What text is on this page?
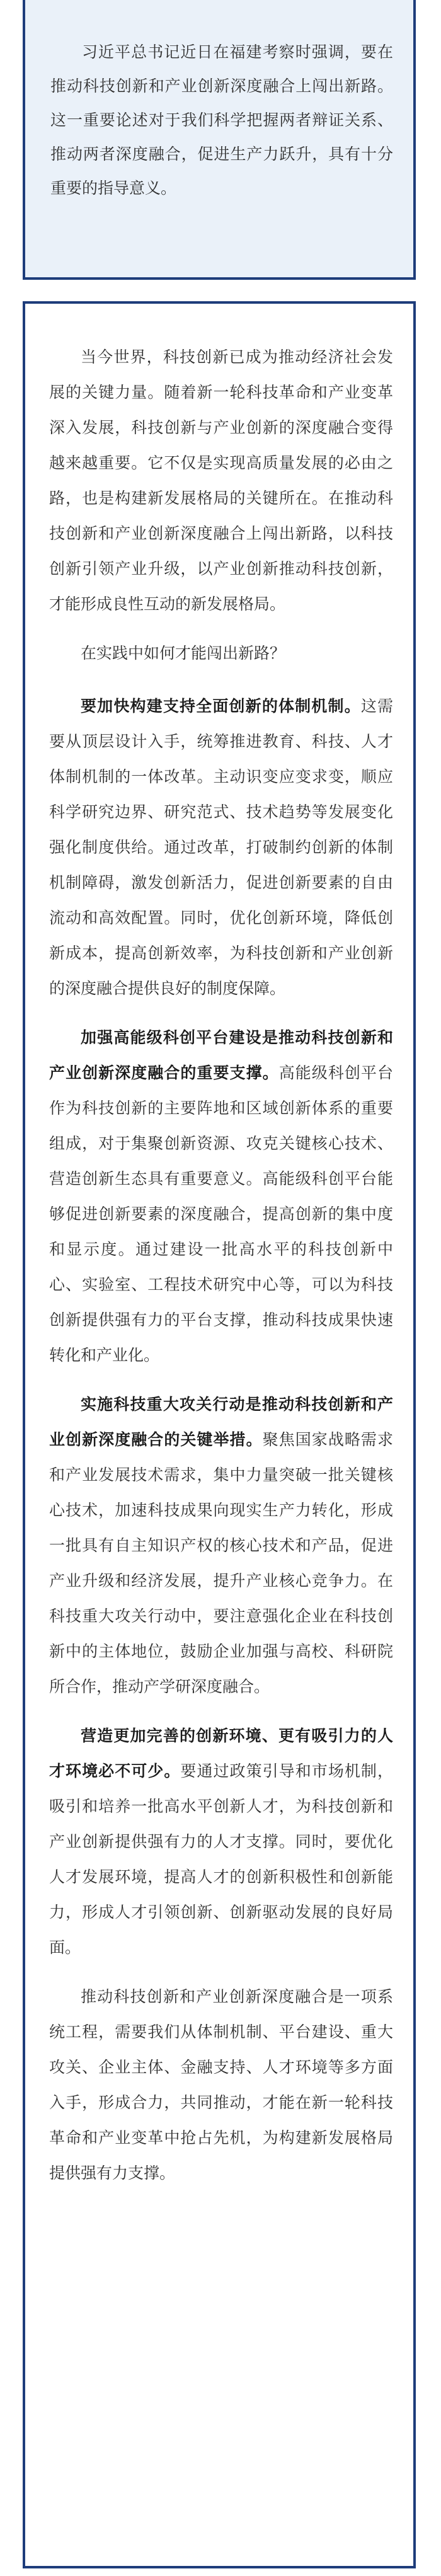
习近平总书记近日在福建考察时强调，要在推动科技创新和产业创新深度融合上闯出新路。这一重要论述对于我们科学把握两者辩证关系、推动两者深度融合，促进生产力跃升，具有十分重要的指导意义。

当今世界，科技创新已成为推动经济社会发展的关键力量。随着新一轮科技革命和产业变革深入发展，科技创新与产业创新的深度融合变得越来越重要。它不仅是实现高质量发展的必由之路，也是构建新发展格局的关键所在。在推动科技创新和产业创新深度融合上闯出新路，以科技创新引领产业升级，以产业创新推动科技创新，才能形成良性互动的新发展格局。

在实践中如何才能闯出新路？

要加快构建支持全面创新的体制机制。这需要从顶层设计入手，统筹推进教育、科技、人才体制机制的一体改革。主动识变应变求变，顺应科学研究边界、研究范式、技术趋势等发展变化强化制度供给。通过改革，打破制约创新的体制机制障碍，激发创新活力，促进创新要素的自由流动和高效配置。同时，优化创新环境，降低创新成本，提高创新效率，为科技创新和产业创新的深度融合提供良好的制度保障。

加强高能级科创平台建设是推动科技创新和产业创新深度融合的重要支撑。高能级科创平台作为科技创新的主要阵地和区域创新体系的重要组成，对于集聚创新资源、攻克关键核心技术、营造创新生态具有重要意义。高能级科创平台能够促进创新要素的深度融合，提高创新的集中度和显示度。通过建设一批高水平的科技创新中心、实验室、工程技术研究中心等，可以为科技创新提供强有力的平台支撑，推动科技成果快速转化和产业化。

实施科技重大攻关行动是推动科技创新和产业创新深度融合的关键举措。聚焦国家战略需求和产业发展技术需求，集中力量突破一批关键核心技术，加速科技成果向现实生产力转化，形成一批具有自主知识产权的核心技术和产品，促进产业升级和经济发展，提升产业核心竞争力。在科技重大攻关行动中，要注意强化企业在科技创新中的主体地位，鼓励企业加强与高校、科研院所合作，推动产学研深度融合。

营造更加完善的创新环境、更有吸引力的人才环境必不可少。要通过政策引导和市场机制，吸引和培养一批高水平创新人才，为科技创新和产业创新提供强有力的人才支撑。同时，要优化人才发展环境，提高人才的创新积极性和创新能力，形成人才引领创新、创新驱动发展的良好局面。

推动科技创新和产业创新深度融合是一项系统工程，需要我们从体制机制、平台建设、重大攻关、企业主体、金融支持、人才环境等多方面入手，形成合力，共同推动，才能在新一轮科技革命和产业变革中抢占先机，为构建新发展格局提供强有力支撑。
